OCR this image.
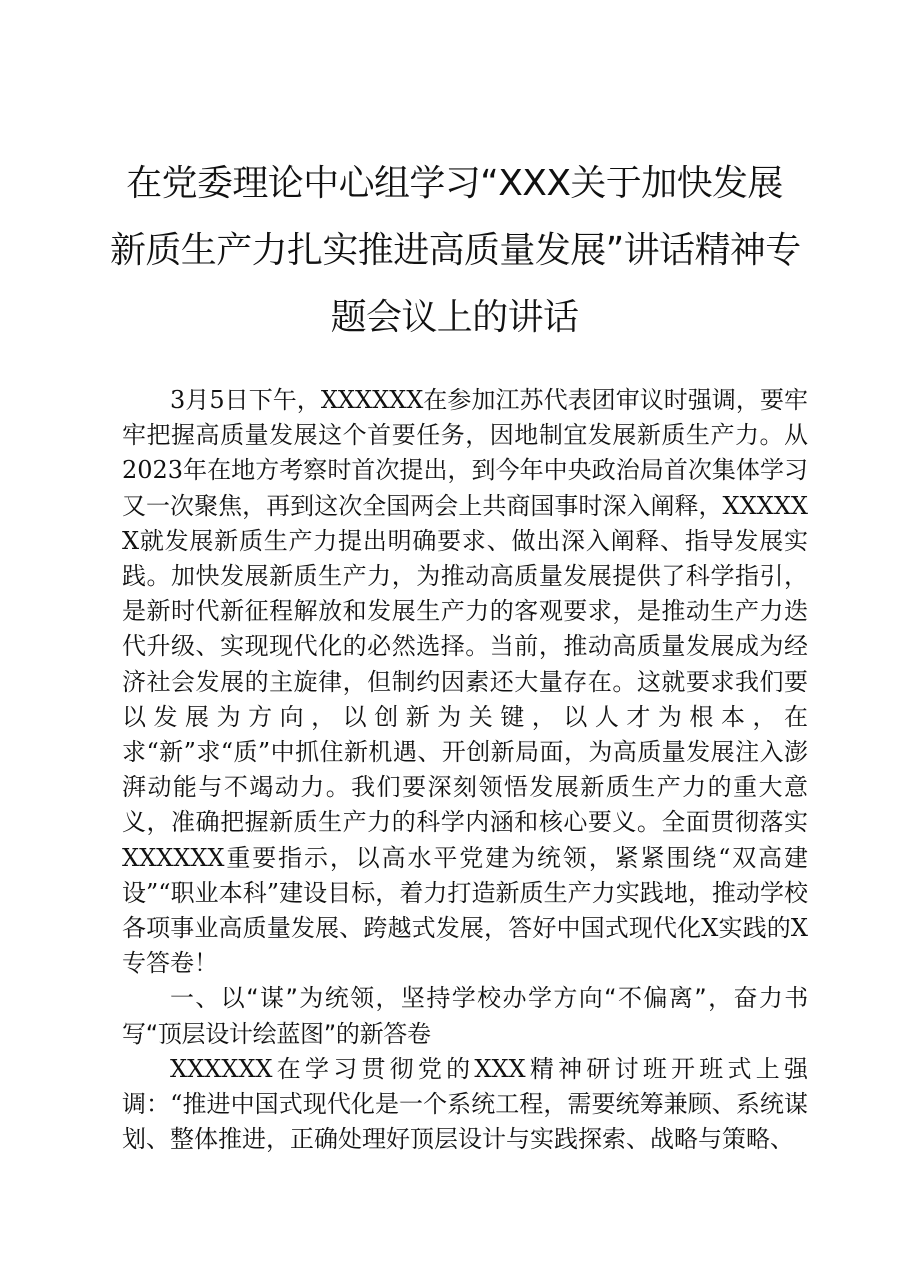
在党委理论中心组学习“XXX关于加快发展
新质生产力扎实推进高质量发展”讲话精神专
题会议上的讲话

3月5日下午，XXXXXX在参加江苏代表团审议时强调，要牢牢把握高质量发展这个首要任务，因地制宜发展新质生产力。从2023年在地方考察时首次提出，到今年中央政治局首次集体学习又一次聚焦，再到这次全国两会上共商国事时深入阐释，XXXXXX就发展新质生产力提出明确要求、做出深入阐释、指导发展实践。加快发展新质生产力，为推动高质量发展提供了科学指引，是新时代新征程解放和发展生产力的客观要求，是推动生产力迭代升级、实现现代化的必然选择。当前，推动高质量发展成为经济社会发展的主旋律，但制约因素还大量存在。这就要求我们要以发展为方向，以创新为关键，以人才为根本，在求“新”求“质”中抓住新机遇、开创新局面，为高质量发展注入澎湃动能与不竭动力。我们要深刻领悟发展新质生产力的重大意义，准确把握新质生产力的科学内涵和核心要义。全面贯彻落实XXXXXX重要指示，以高水平党建为统领，紧紧围绕“双高建设”“职业本科”建设目标，着力打造新质生产力实践地，推动学校各项事业高质量发展、跨越式发展，答好中国式现代化X实践的X专答卷！

一、以“谋”为统领，坚持学校办学方向“不偏离”，奋力书写“顶层设计绘蓝图”的新答卷

XXXXXX在学习贯彻党的XXX精神研讨班开班式上强调：“推进中国式现代化是一个系统工程，需要统筹兼顾、系统谋划、整体推进，正确处理好顶层设计与实践探索、战略与策略、
